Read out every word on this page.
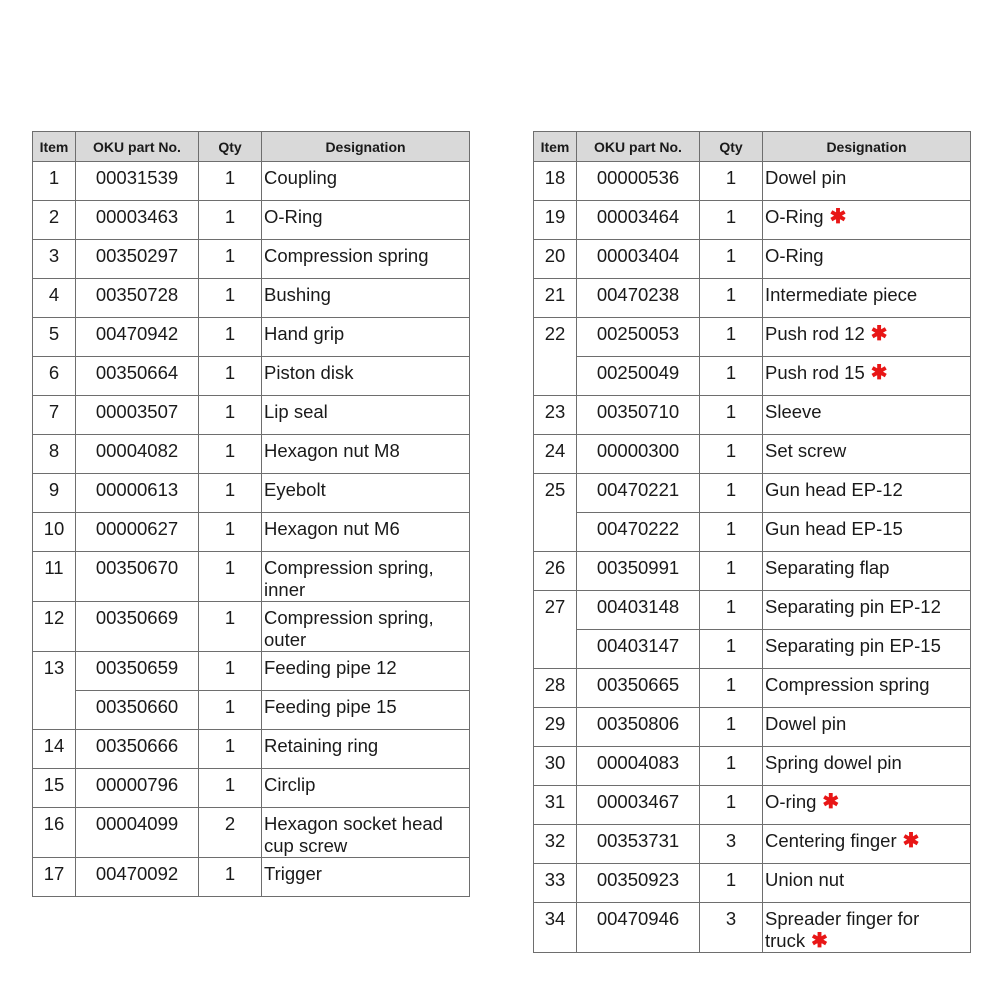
Item	OKU part No.	Qty	Designation
1	00031539	1	Coupling
2	00003463	1	O-Ring
3	00350297	1	Compression spring
4	00350728	1	Bushing
5	00470942	1	Hand grip
6	00350664	1	Piston disk
7	00003507	1	Lip seal
8	00004082	1	Hexagon nut M8
9	00000613	1	Eyebolt
10	00000627	1	Hexagon nut M6
11	00350670	1	Compression spring, inner
12	00350669	1	Compression spring, outer
13	00350659	1	Feeding pipe 12
	00350660	1	Feeding pipe 15
14	00350666	1	Retaining ring
15	00000796	1	Circlip
16	00004099	2	Hexagon socket head cup screw
17	00470092	1	Trigger
Item	OKU part No.	Qty	Designation
18	00000536	1	Dowel pin
19	00003464	1	O-Ring ✱
20	00003404	1	O-Ring
21	00470238	1	Intermediate piece
22	00250053	1	Push rod 12 ✱
	00250049	1	Push rod 15 ✱
23	00350710	1	Sleeve
24	00000300	1	Set screw
25	00470221	1	Gun head EP-12
	00470222	1	Gun head EP-15
26	00350991	1	Separating flap
27	00403148	1	Separating pin EP-12
	00403147	1	Separating pin EP-15
28	00350665	1	Compression spring
29	00350806	1	Dowel pin
30	00004083	1	Spring dowel pin
31	00003467	1	O-ring ✱
32	00353731	3	Centering finger ✱
33	00350923	1	Union nut
34	00470946	3	Spreader finger for truck ✱
